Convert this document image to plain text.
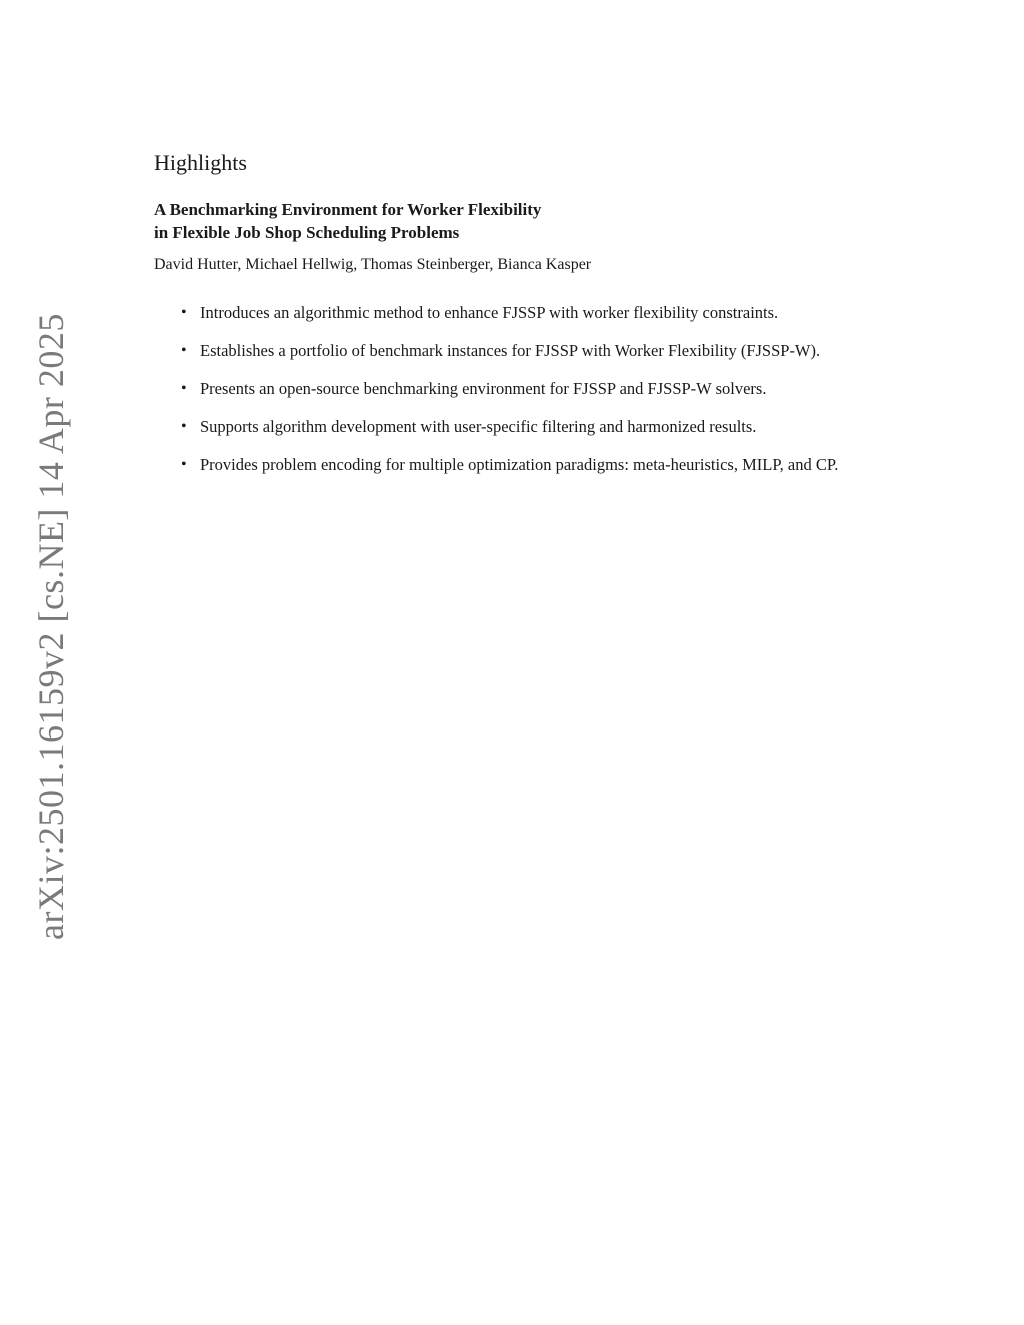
arXiv:2501.16159v2 [cs.NE] 14 Apr 2025
Highlights
A Benchmarking Environment for Worker Flexibility
in Flexible Job Shop Scheduling Problems
David Hutter, Michael Hellwig, Thomas Steinberger, Bianca Kasper
• Introduces an algorithmic method to enhance FJSSP with worker flexibility constraints.
• Establishes a portfolio of benchmark instances for FJSSP with Worker Flexibility (FJSSP-W).
• Presents an open-source benchmarking environment for FJSSP and FJSSP-W solvers.
• Supports algorithm development with user-specific filtering and harmonized results.
• Provides problem encoding for multiple optimization paradigms: meta-heuristics, MILP, and CP.
